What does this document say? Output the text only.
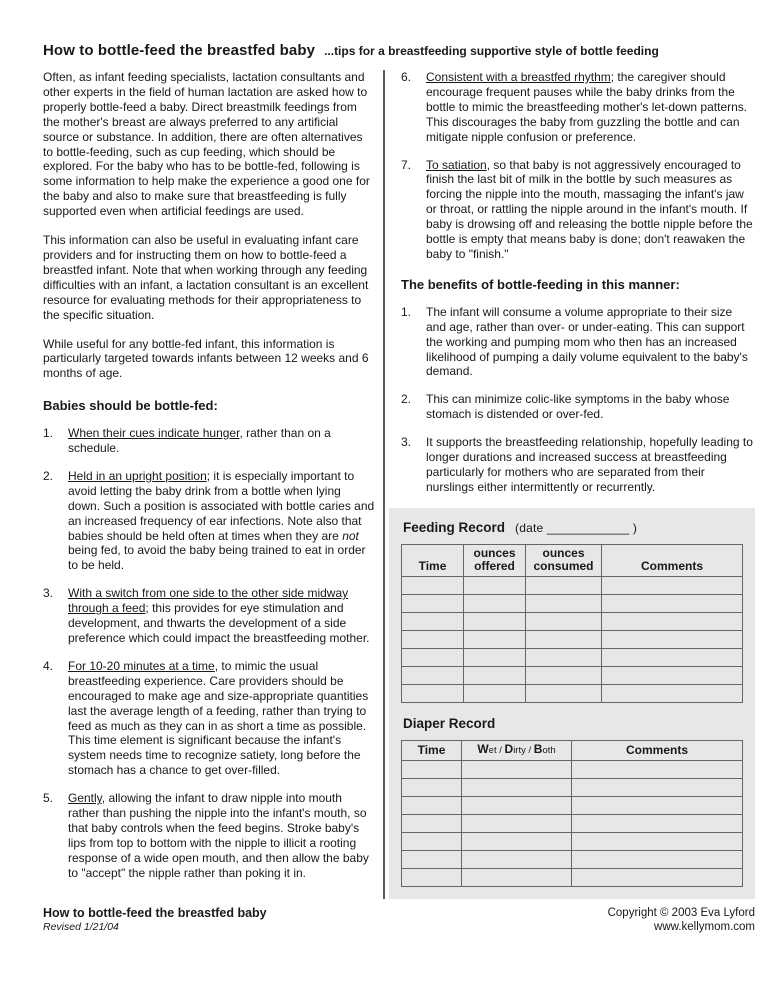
How to bottle-feed the breastfed baby ...tips for a breastfeeding supportive style of bottle feeding

Often, as infant feeding specialists, lactation consultants and other experts in the field of human lactation are asked how to properly bottle-feed a baby. Direct breastmilk feedings from the mother's breast are always preferred to any artificial source or substance. In addition, there are often alternatives to bottle-feeding, such as cup feeding, which should be explored. For the baby who has to be bottle-fed, following is some information to help make the experience a good one for the baby and also to make sure that breastfeeding is fully supported even when artificial feedings are used.

This information can also be useful in evaluating infant care providers and for instructing them on how to bottle-feed a breastfed infant. Note that when working through any feeding difficulties with an infant, a lactation consultant is an excellent resource for evaluating methods for their appropriateness to the specific situation.

While useful for any bottle-fed infant, this information is particularly targeted towards infants between 12 weeks and 6 months of age.

Babies should be bottle-fed:
1.	When their cues indicate hunger, rather than on a schedule.
2.	Held in an upright position; it is especially important to avoid letting the baby drink from a bottle when lying down. Such a position is associated with bottle caries and an increased frequency of ear infections. Note also that babies should be held often at times when they are not being fed, to avoid the baby being trained to eat in order to be held.
3.	With a switch from one side to the other side midway through a feed; this provides for eye stimulation and development, and thwarts the development of a side preference which could impact the breastfeeding mother.
4.	For 10-20 minutes at a time, to mimic the usual breastfeeding experience. Care providers should be encouraged to make age and size-appropriate quantities last the average length of a feeding, rather than trying to feed as much as they can in as short a time as possible. This time element is significant because the infant's system needs time to recognize satiety, long before the stomach has a chance to get over-filled.
5.	Gently, allowing the infant to draw nipple into mouth rather than pushing the nipple into the infant's mouth, so that baby controls when the feed begins. Stroke baby's lips from top to bottom with the nipple to illicit a rooting response of a wide open mouth, and then allow the baby to "accept" the nipple rather than poking it in.
6.	Consistent with a breastfed rhythm; the caregiver should encourage frequent pauses while the baby drinks from the bottle to mimic the breastfeeding mother's let-down patterns. This discourages the baby from guzzling the bottle and can mitigate nipple confusion or preference.
7.	To satiation, so that baby is not aggressively encouraged to finish the last bit of milk in the bottle by such measures as forcing the nipple into the mouth, massaging the infant's jaw or throat, or rattling the nipple around in the infant's mouth. If baby is drowsing off and releasing the bottle nipple before the bottle is empty that means baby is done; don't reawaken the baby to "finish."
The benefits of bottle-feeding in this manner:
1.	The infant will consume a volume appropriate to their size and age, rather than over- or under-eating. This can support the working and pumping mom who then has an increased likelihood of pumping a daily volume equivalent to the baby's demand.
2.	This can minimize colic-like symptoms in the baby whose stomach is distended or over-fed.
3.	It supports the breastfeeding relationship, hopefully leading to longer durations and increased success at breastfeeding particularly for mothers who are separated from their nurslings either intermittently or recurrently.
Feeding Record (date ____________ )
Time	ounces offered	ounces consumed	Comments

Diaper Record
Time	Wet / Dirty / Both	Comments

How to bottle-feed the breastfed baby
Revised 1/21/04
Copyright © 2003 Eva Lyford
www.kellymom.com
